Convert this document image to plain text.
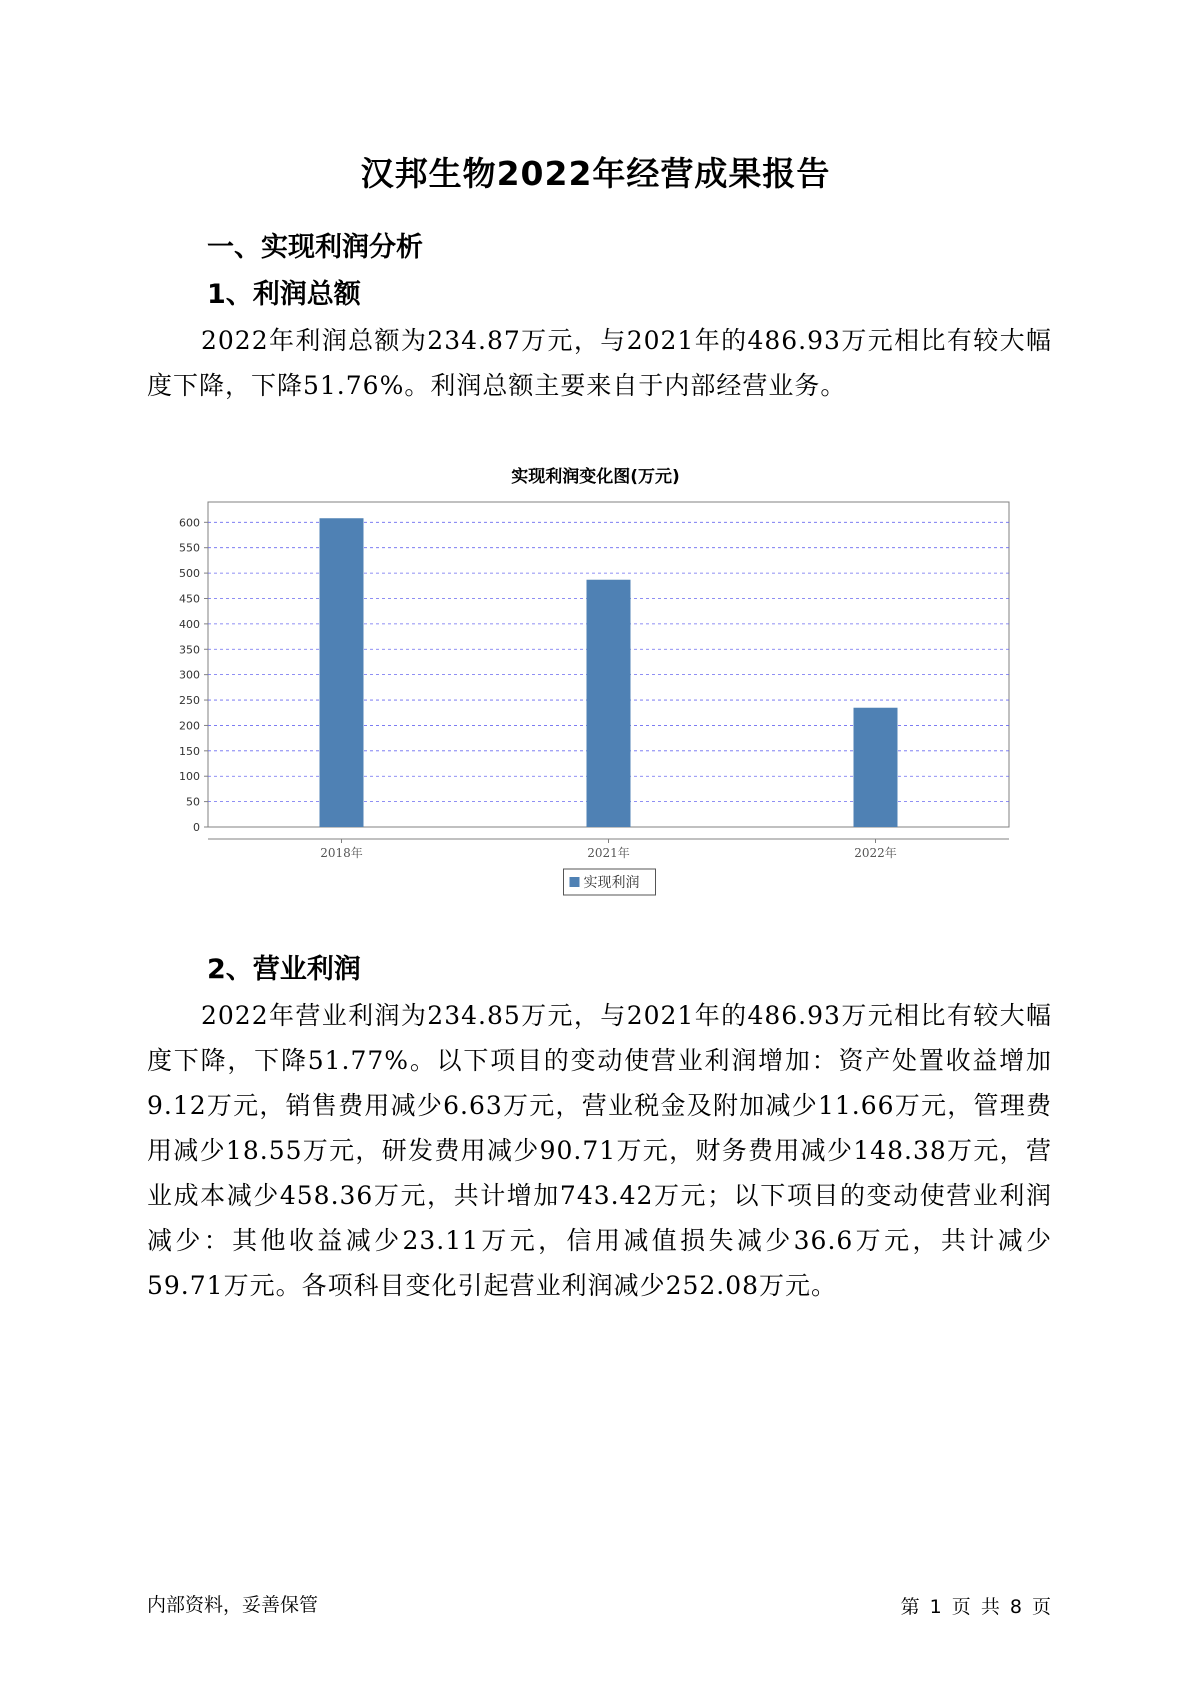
汉邦生物2022年经营成果报告
一、实现利润分析
1、利润总额
2022年利润总额为234.87万元，与2021年的486.93万元相比有较大幅度下降，下降51.76%。利润总额主要来自于内部经营业务。
实现利润变化图(万元)
0
50
100
150
200
250
300
350
400
450
500
550
600
2018年	2021年	2022年
实现利润
2、营业利润
2022年营业利润为234.85万元，与2021年的486.93万元相比有较大幅度下降，下降51.77%。以下项目的变动使营业利润增加：资产处置收益增加9.12万元，销售费用减少6.63万元，营业税金及附加减少11.66万元，管理费用减少18.55万元，研发费用减少90.71万元，财务费用减少148.38万元，营业成本减少458.36万元，共计增加743.42万元；以下项目的变动使营业利润减少：其他收益减少23.11万元，信用减值损失减少36.6万元，共计减少59.71万元。各项科目变化引起营业利润减少252.08万元。
内部资料，妥善保管	第 1 页 共 8 页
